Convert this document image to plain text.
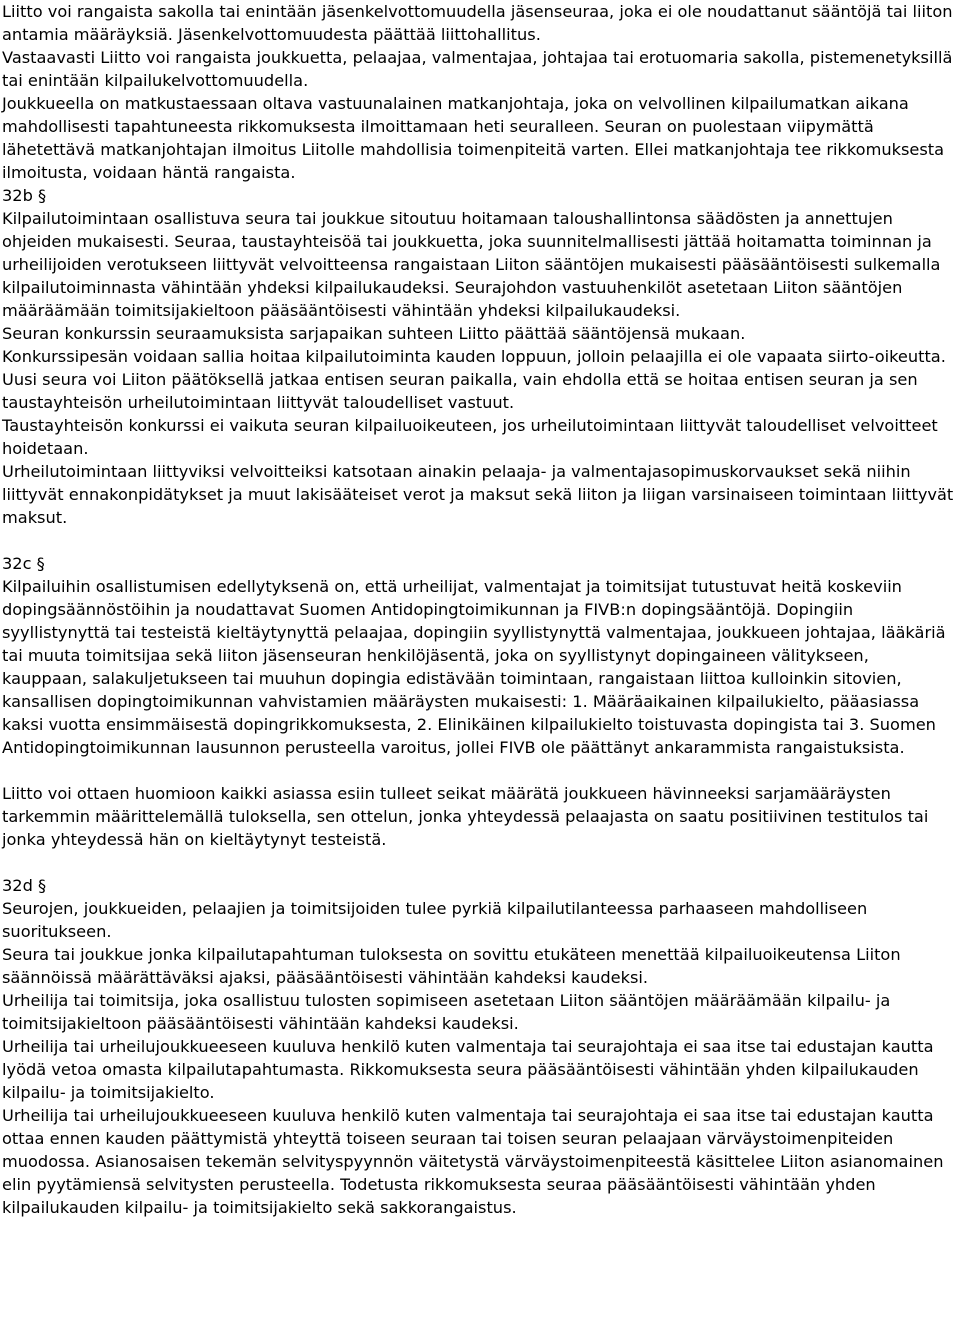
Liitto voi rangaista sakolla tai enintään jäsenkelvottomuudella jäsenseuraa, joka ei ole noudattanut sääntöjä tai liiton antamia määräyksiä. Jäsenkelvottomuudesta päättää liittohallitus.

Vastaavasti Liitto voi rangaista joukkuetta, pelaajaa, valmentajaa, johtajaa tai erotuomaria sakolla, pistemenetyksillä tai enintään kilpailukelvottomuudella.

Joukkueella on matkustaessaan oltava vastuunalainen matkanjohtaja, joka on velvollinen kilpailumatkan aikana mahdollisesti tapahtuneesta rikkomuksesta ilmoittamaan heti seuralleen. Seuran on puolestaan viipymättä lähetettävä matkanjohtajan ilmoitus Liitolle mahdollisia toimenpiteitä varten. Ellei matkanjohtaja tee rikkomuksesta ilmoitusta, voidaan häntä rangaista.

32b §

Kilpailutoimintaan osallistuva seura tai joukkue sitoutuu hoitamaan taloushallintonsa säädösten ja annettujen ohjeiden mukaisesti. Seuraa, taustayhteisöä tai joukkuetta, joka suunnitelmallisesti jättää hoitamatta toiminnan ja urheilijoiden verotukseen liittyvät velvoitteensa rangaistaan Liiton sääntöjen mukaisesti pääsääntöisesti sulkemalla kilpailutoiminnasta vähintään yhdeksi kilpailukaudeksi. Seurajohdon vastuuhenkilöt asetetaan Liiton sääntöjen määräämään toimitsijakieltoon pääsääntöisesti vähintään yhdeksi kilpailukaudeksi.

Seuran konkurssin seuraamuksista sarjapaikan suhteen Liitto päättää sääntöjensä mukaan.

Konkurssipesän voidaan sallia hoitaa kilpailutoiminta kauden loppuun, jolloin pelaajilla ei ole vapaata siirto-oikeutta.

Uusi seura voi Liiton päätöksellä jatkaa entisen seuran paikalla, vain ehdolla että se hoitaa entisen seuran ja sen taustayhteisön urheilutoimintaan liittyvät taloudelliset vastuut.

Taustayhteisön konkurssi ei vaikuta seuran kilpailuoikeuteen, jos urheilutoimintaan liittyvät taloudelliset velvoitteet hoidetaan.

Urheilutoimintaan liittyviksi velvoitteiksi katsotaan ainakin pelaaja- ja valmentajasopimuskorvaukset sekä niihin liittyvät ennakonpidätykset ja muut lakisääteiset verot ja maksut sekä liiton ja liigan varsinaiseen toimintaan liittyvät maksut.

32c §

Kilpailuihin osallistumisen edellytyksenä on, että urheilijat, valmentajat ja toimitsijat tutustuvat heitä koskeviin dopingsäännöstöihin ja noudattavat Suomen Antidopingtoimikunnan ja FIVB:n dopingsääntöjä. Dopingiin syyllistynyttä tai testeistä kieltäytynyttä pelaajaa, dopingiin syyllistynyttä valmentajaa, joukkueen johtajaa, lääkäriä tai muuta toimitsijaa sekä liiton jäsenseuran henkilöjäsentä, joka on syyllistynyt dopingaineen välitykseen, kauppaan, salakuljetukseen tai muuhun dopingia edistävään toimintaan, rangaistaan liittoa kulloinkin sitovien, kansallisen dopingtoimikunnan vahvistamien määräysten mukaisesti: 1. Määräaikainen kilpailukielto, pääasiassa kaksi vuotta ensimmäisestä dopingrikkomuksesta, 2. Elinikäinen kilpailukielto toistuvasta dopingista tai 3. Suomen Antidopingtoimikunnan lausunnon perusteella varoitus, jollei FIVB ole päättänyt ankarammista rangaistuksista.

Liitto voi ottaen huomioon kaikki asiassa esiin tulleet seikat määrätä joukkueen hävinneeksi sarjamääräysten tarkemmin määrittelemällä tuloksella, sen ottelun, jonka yhteydessä pelaajasta on saatu positiivinen testitulos tai jonka yhteydessä hän on kieltäytynyt testeistä.

32d §

Seurojen, joukkueiden, pelaajien ja toimitsijoiden tulee pyrkiä kilpailutilanteessa parhaaseen mahdolliseen suoritukseen.

Seura tai joukkue jonka kilpailutapahtuman tuloksesta on sovittu etukäteen menettää kilpailuoikeutensa Liiton säännöissä määrättäväksi ajaksi, pääsääntöisesti vähintään kahdeksi kaudeksi.

Urheilija tai toimitsija, joka osallistuu tulosten sopimiseen asetetaan Liiton sääntöjen määräämään kilpailu- ja toimitsijakieltoon pääsääntöisesti vähintään kahdeksi kaudeksi.

Urheilija tai urheilujoukkueeseen kuuluva henkilö kuten valmentaja tai seurajohtaja ei saa itse tai edustajan kautta lyödä vetoa omasta kilpailutapahtumasta. Rikkomuksesta seura pääsääntöisesti vähintään yhden kilpailukauden kilpailu- ja toimitsijakielto.

Urheilija tai urheilujoukkueeseen kuuluva henkilö kuten valmentaja tai seurajohtaja ei saa itse tai edustajan kautta ottaa ennen kauden päättymistä yhteyttä toiseen seuraan tai toisen seuran pelaajaan värväystoimenpiteiden muodossa. Asianosaisen tekemän selvityspyynnön väitetystä värväystoimenpiteestä käsittelee Liiton asianomainen elin pyytämiensä selvitysten perusteella. Todetusta rikkomuksesta seuraa pääsääntöisesti vähintään yhden kilpailukauden kilpailu- ja toimitsijakielto sekä sakkorangaistus.
